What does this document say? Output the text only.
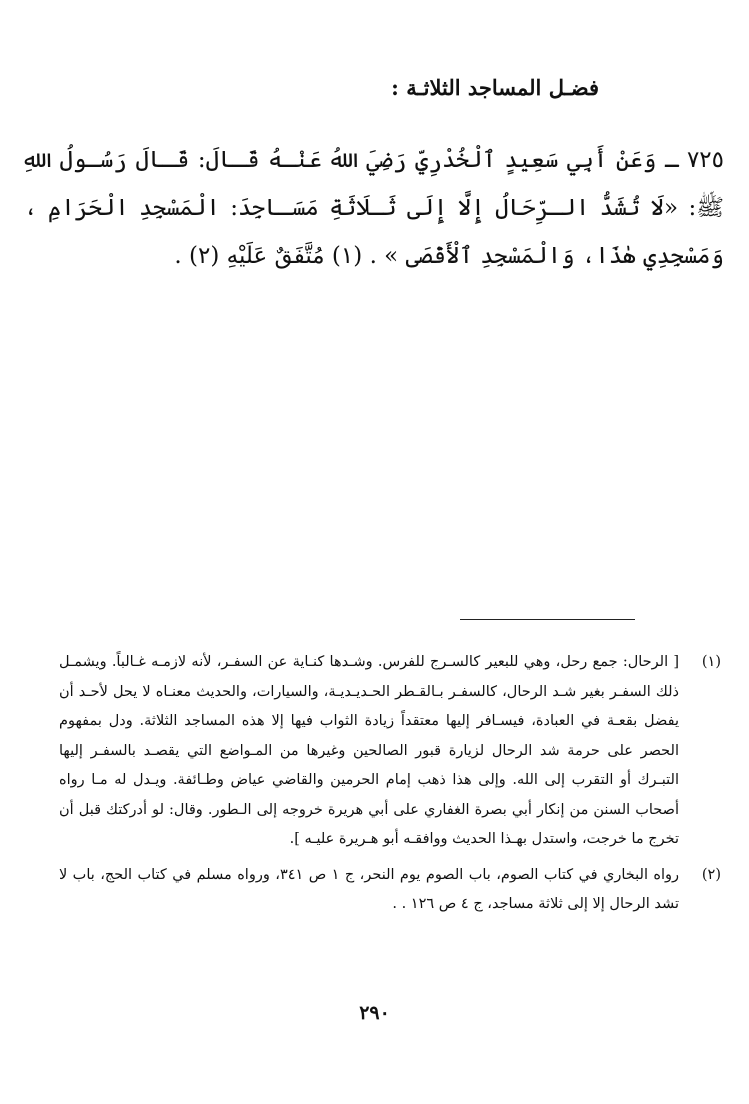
فضـل المساجد الثلاثـة :
٧٢٥ ـ وَعَنْ أَبِي سَعِيدٍ ٱلْخُدْرِيِّ رَضِيَ اللهُ عَنْـهُ قَـالَ: قَـالَ رَسُـولُ اللهِ ﷺ: «لَا تُشَدُّ الـرِّحَالُ إِلَّا إِلَى ثَـلَاثَةِ مَسَـاجِدَ: الْمَسْجِدِ الْحَرَامِ ، وَمَسْجِدِي هٰذَا، وَالْمَسْجِدِ ٱلْأَقْصَى » . (١) مُتَّفَقٌ عَلَيْهِ (٢) .
(١)
[ الرحال: جمع رحل، وهي للبعير كالسـرج للفرس. وشـدها كنـاية عن السفـر، لأنه لازمـه غـالباً. ويشمـل ذلك السفـر بغير شـد الرحال، كالسفـر بـالقـطر الحـديـديـة، والسيارات، والحديث معنـاه لا يحل لأحـد أن يفضل بقعـة في العبادة، فيسـافر إليها معتقداً زيادة الثواب فيها إلا هذه المساجد الثلاثة. ودل بمفهوم الحصر على حرمة شد الرحال لزيارة قبور الصالحين وغيرها من المـواضع التي يقصـد بالسفـر إليها التبـرك أو التقرب إلى الله. وإلى هذا ذهب إمام الحرمين والقاضي عياض وطـائفة. ويـدل له مـا رواه أصحاب السنن من إنكار أبي بصرة الغفاري على أبي هريرة خروجه إلى الـطور. وقال: لو أدركتك قبل أن تخرج ما خرجت، واستدل بهـذا الحديث ووافقـه أبو هـريرة عليـه ].
(٢)
رواه البخاري في كتاب الصوم، باب الصوم يوم النحر، ج ١ ص ٣٤١، ورواه مسلم في كتاب الحج، باب لا تشد الرحال إلا إلى ثلاثة مساجد، ج ٤ ص ١٢٦ . .
٢٩٠
